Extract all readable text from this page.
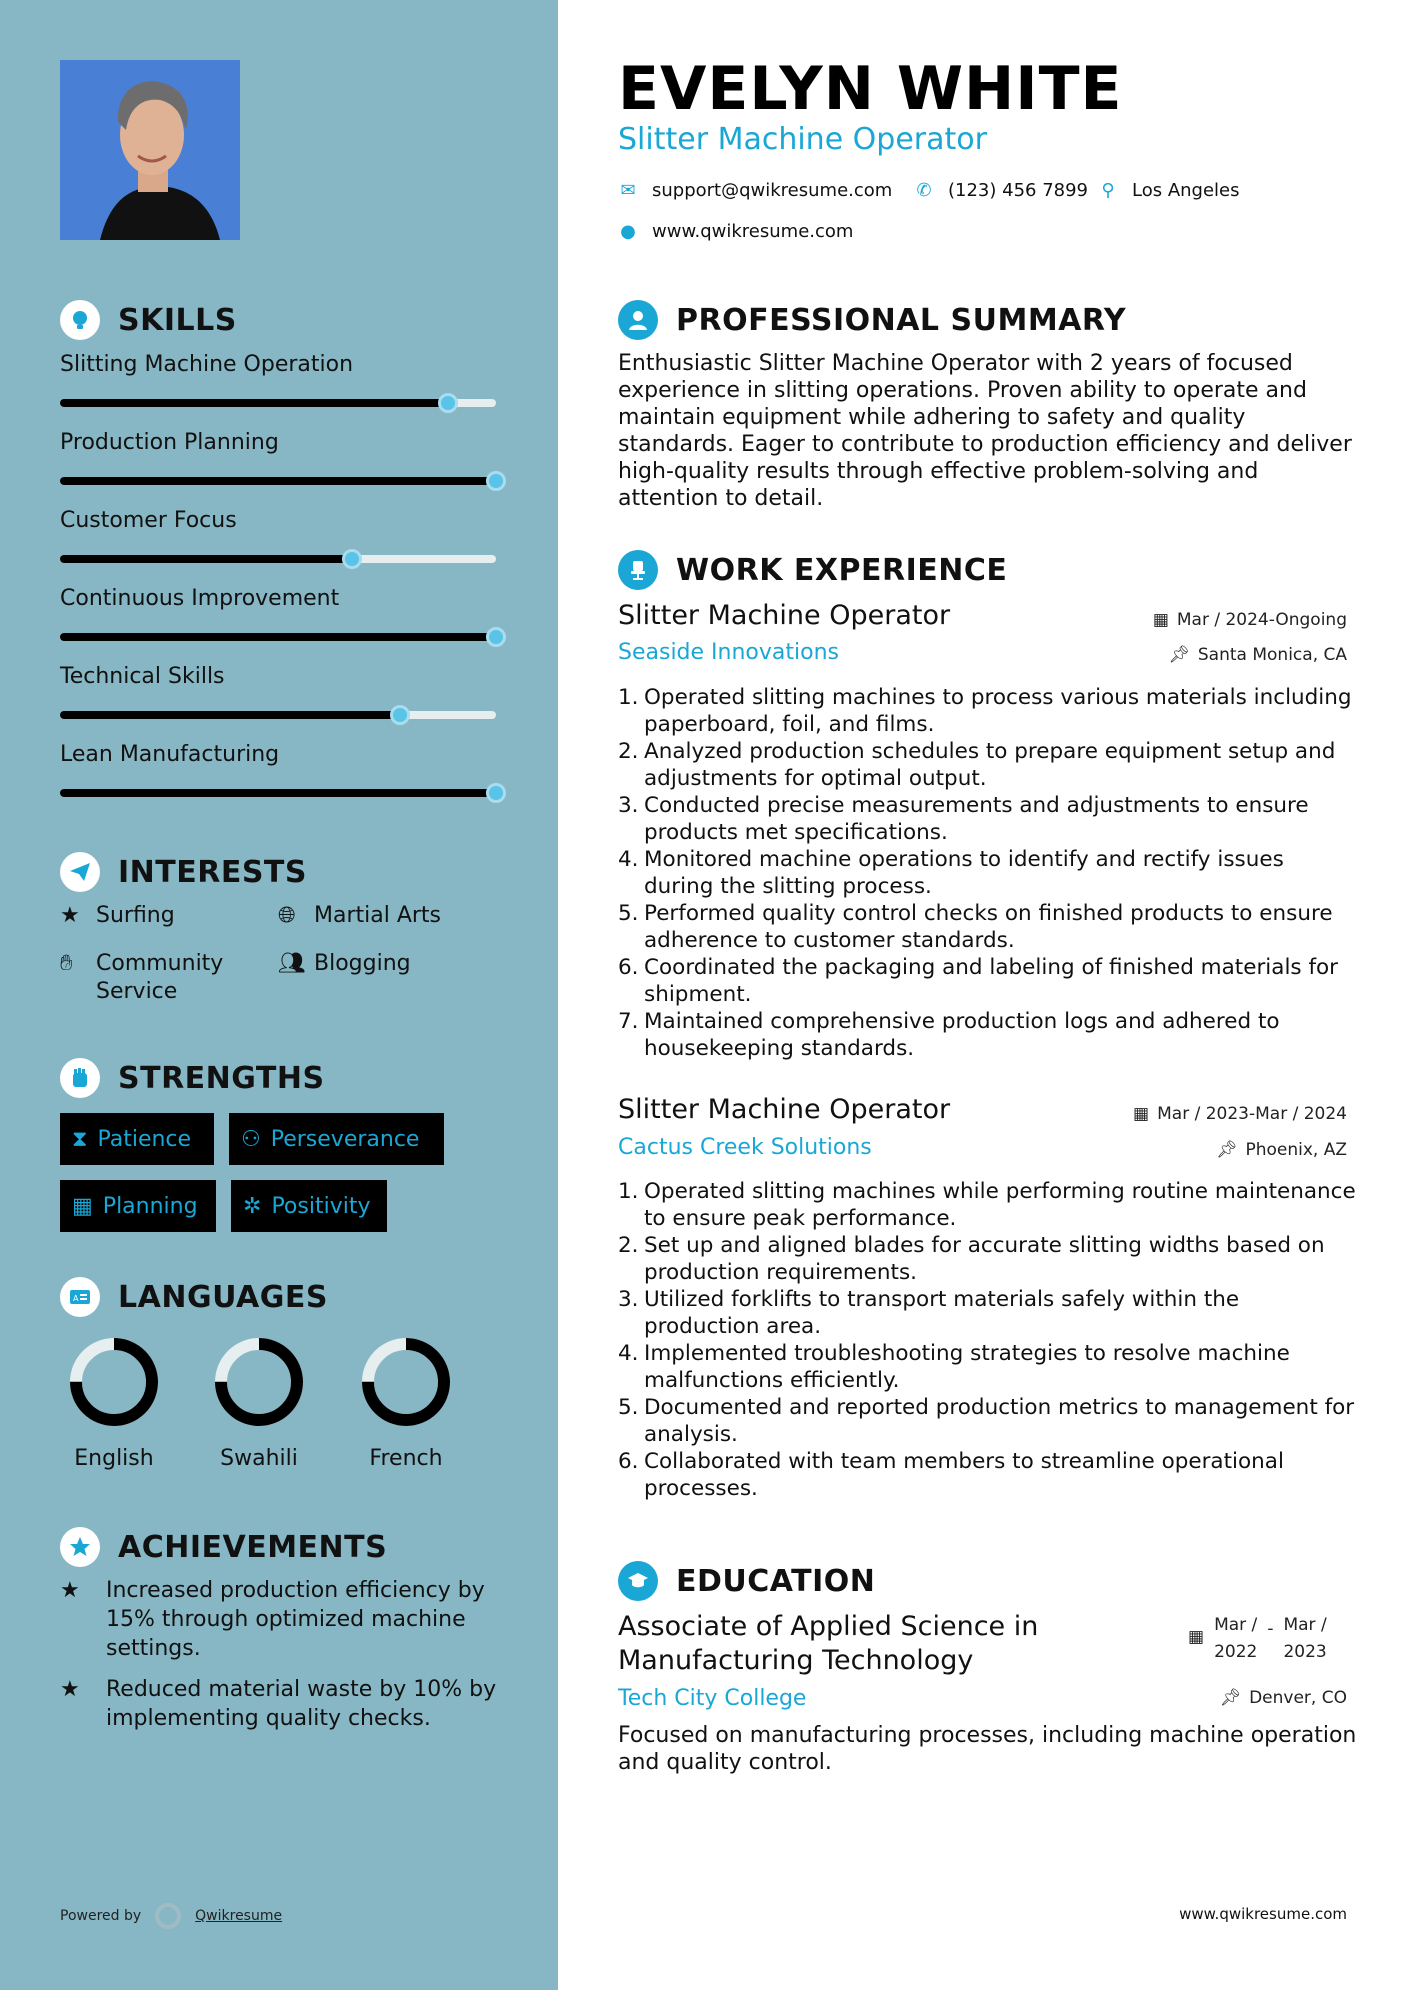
SKILLS
Slitting Machine Operation
Production Planning
Customer Focus
Continuous Improvement
Technical Skills
Lean Manufacturing
INTERESTS
★ Surfing	🌐︎ Martial Arts
✋︎	Community Service
👥︎ Blogging
STRENGTHS
⧗ Patience ⚇ Perseverance
▦ Planning ✲ Positivity
A LANGUAGES
English	Swahili	French
ACHIEVEMENTS
★	Increased production efficiency by 15% through optimized machine settings.
★	Reduced material waste by 10% by implementing quality checks.
Powered by	Qwikresume
EVELYN WHITE
Slitter Machine Operator
✉ support@qwikresume.com ✆ (123) 456 7899 ⚲ Los Angeles
● www.qwikresume.com
PROFESSIONAL SUMMARY
Enthusiastic Slitter Machine Operator with 2 years of focused experience in slitting operations. Proven ability to operate and maintain equipment while adhering to safety and quality standards. Eager to contribute to production efficiency and deliver high-quality results through effective problem-solving and attention to detail.
WORK EXPERIENCE
Slitter Machine Operator	▦ Mar / 2024-Ongoing
Seaside Innovations	📌︎ Santa Monica, CA
1. Operated slitting machines to process various materials including paperboard, foil, and films.
2. Analyzed production schedules to prepare equipment setup and adjustments for optimal output.
3. Conducted precise measurements and adjustments to ensure products met specifications.
4. Monitored machine operations to identify and rectify issues during the slitting process.
5. Performed quality control checks on finished products to ensure adherence to customer standards.
6. Coordinated the packaging and labeling of finished materials for shipment.
7. Maintained comprehensive production logs and adhered to housekeeping standards.
Slitter Machine Operator	▦ Mar / 2023-Mar / 2024
Cactus Creek Solutions	📌︎ Phoenix, AZ
1. Operated slitting machines while performing routine maintenance to ensure peak performance.
2. Set up and aligned blades for accurate slitting widths based on production requirements.
3. Utilized forklifts to transport materials safely within the production area.
4. Implemented troubleshooting strategies to resolve machine malfunctions efficiently.
5. Documented and reported production metrics to management for analysis.
6. Collaborated with team members to streamline operational processes.
EDUCATION
Associate of Applied Science in
Manufacturing Technology
▦
Mar /
2022
- Mar /
2023
Tech City College	📌︎ Denver, CO
Focused on manufacturing processes, including machine operation and quality control.
www.qwikresume.com
